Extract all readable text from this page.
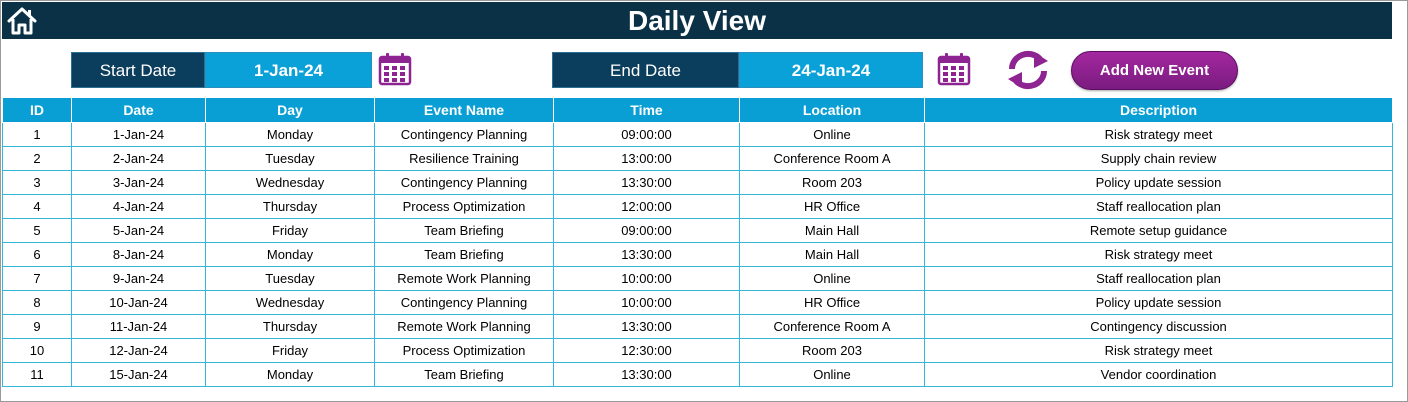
Daily View
Start Date	1-Jan-24	End Date	24-Jan-24	Add New Event
ID	Date	Day	Event Name	Time	Location	Description
1	1-Jan-24	Monday	Contingency Planning	09:00:00	Online	Risk strategy meet
2	2-Jan-24	Tuesday	Resilience Training	13:00:00	Conference Room A	Supply chain review
3	3-Jan-24	Wednesday	Contingency Planning	13:30:00	Room 203	Policy update session
4	4-Jan-24	Thursday	Process Optimization	12:00:00	HR Office	Staff reallocation plan
5	5-Jan-24	Friday	Team Briefing	09:00:00	Main Hall	Remote setup guidance
6	8-Jan-24	Monday	Team Briefing	13:30:00	Main Hall	Risk strategy meet
7	9-Jan-24	Tuesday	Remote Work Planning	10:00:00	Online	Staff reallocation plan
8	10-Jan-24	Wednesday	Contingency Planning	10:00:00	HR Office	Policy update session
9	11-Jan-24	Thursday	Remote Work Planning	13:30:00	Conference Room A	Contingency discussion
10	12-Jan-24	Friday	Process Optimization	12:30:00	Room 203	Risk strategy meet
11	15-Jan-24	Monday	Team Briefing	13:30:00	Online	Vendor coordination
